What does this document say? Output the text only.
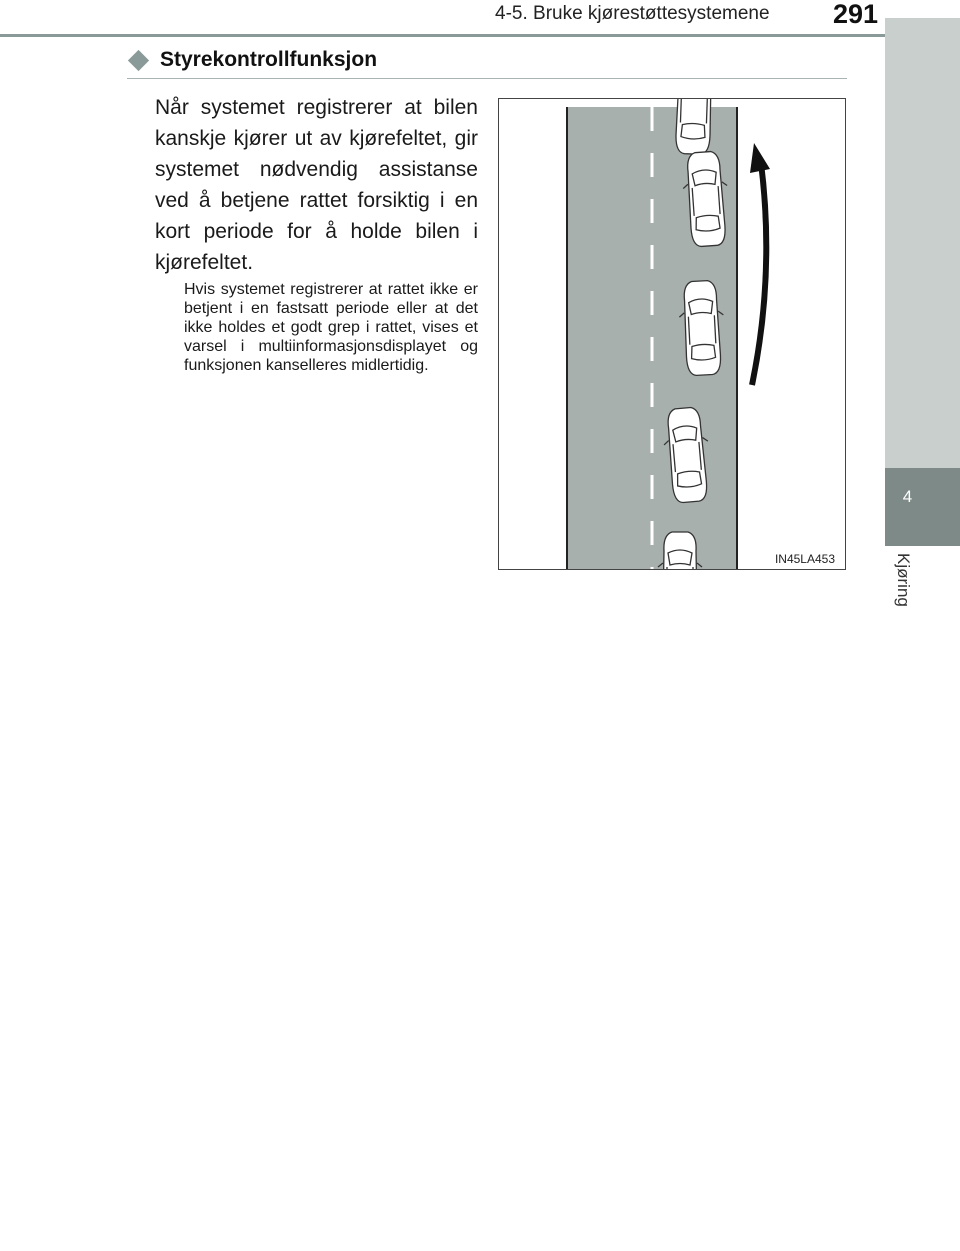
4
Kjøring
4-5. Bruke kjørestøttesystemene 291
Styrekontrollfunksjon
Når systemet registrerer at bilen kanskje kjører ut av kjørefeltet, gir systemet nødvendig assistanse ved å betjene rattet forsiktig i en kort periode for å holde bilen i kjørefeltet.
Hvis systemet registrerer at rattet ikke er betjent i en fastsatt periode eller at det ikke holdes et godt grep i rattet, vises et varsel i multiinformasjonsdisplayet og funksjonen kanselleres midlertidig.
IN45LA453
